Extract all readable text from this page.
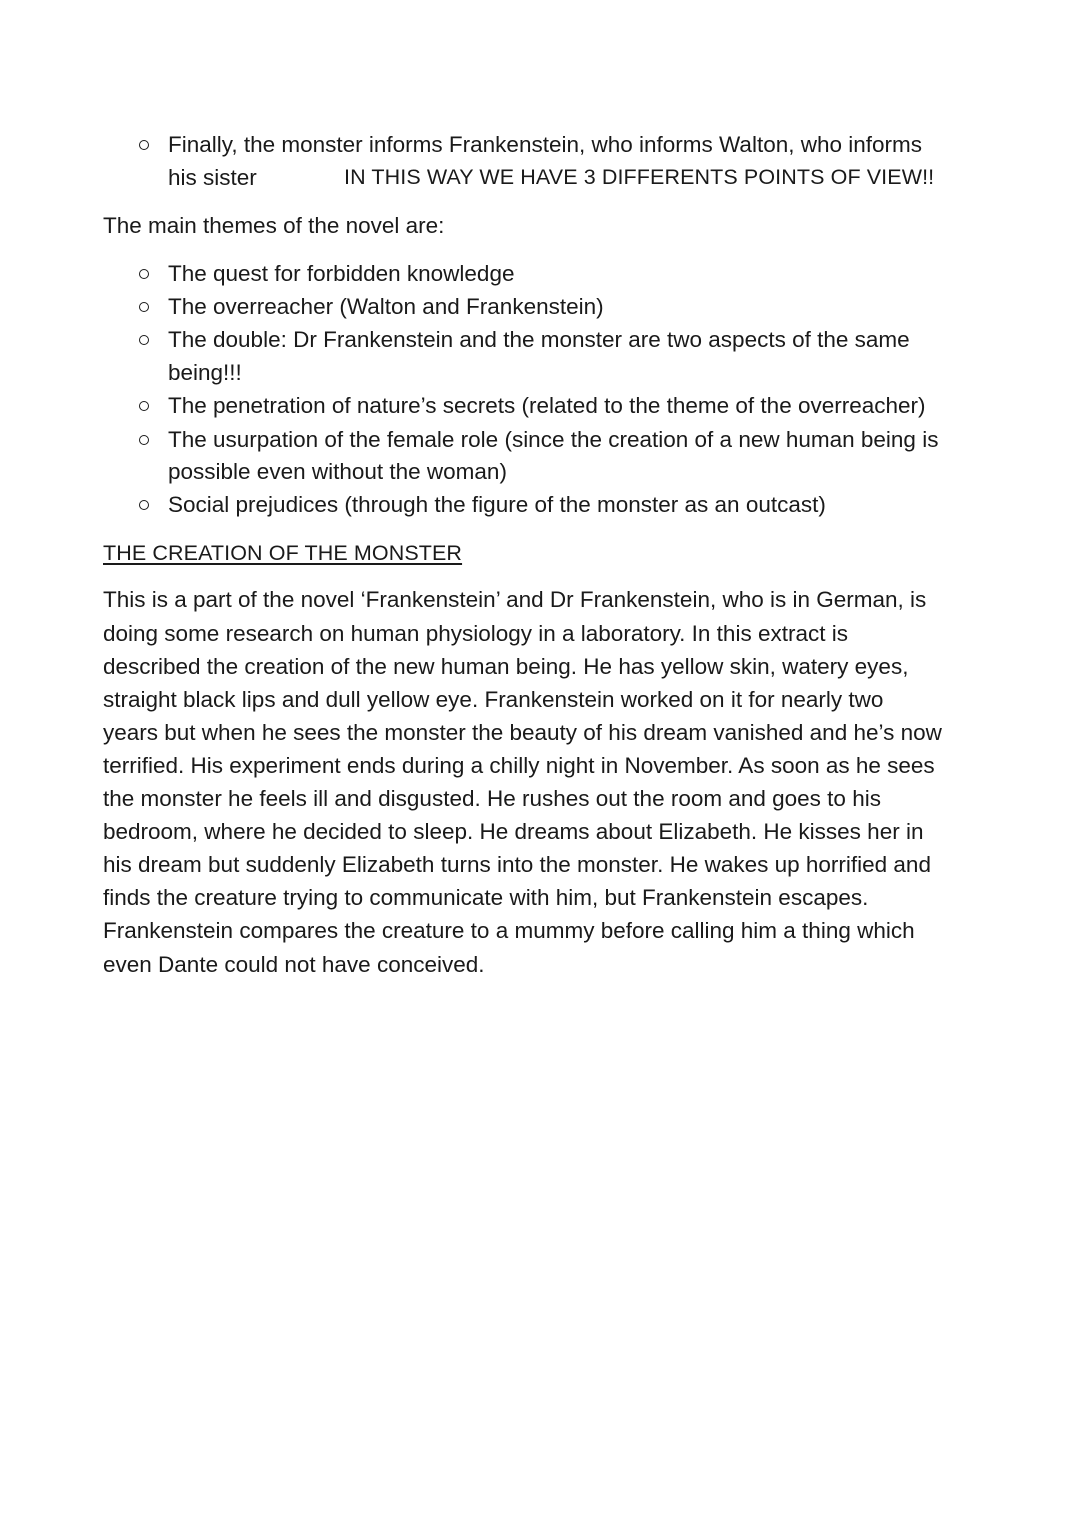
Finally, the monster informs Frankenstein, who informs Walton, who informs
his sister	IN THIS WAY WE HAVE 3 DIFFERENTS POINTS OF VIEW!!
The main themes of the novel are:
The quest for forbidden knowledge
The overreacher (Walton and Frankenstein)
The double: Dr Frankenstein and the monster are two aspects of the same
being!!!
The penetration of nature’s secrets (related to the theme of the overreacher)
The usurpation of the female role (since the creation of a new human being is
possible even without the woman)
Social prejudices (through the figure of the monster as an outcast)
THE CREATION OF THE MONSTER
This is a part of the novel ‘Frankenstein’ and Dr Frankenstein, who is in German, is
doing some research on human physiology in a laboratory. In this extract is
described the creation of the new human being. He has yellow skin, watery eyes,
straight black lips and dull yellow eye. Frankenstein worked on it for nearly two
years but when he sees the monster the beauty of his dream vanished and he’s now
terrified. His experiment ends during a chilly night in November. As soon as he sees
the monster he feels ill and disgusted. He rushes out the room and goes to his
bedroom, where he decided to sleep. He dreams about Elizabeth. He kisses her in
his dream but suddenly Elizabeth turns into the monster. He wakes up horrified and
finds the creature trying to communicate with him, but Frankenstein escapes.
Frankenstein compares the creature to a mummy before calling him a thing which
even Dante could not have conceived.
